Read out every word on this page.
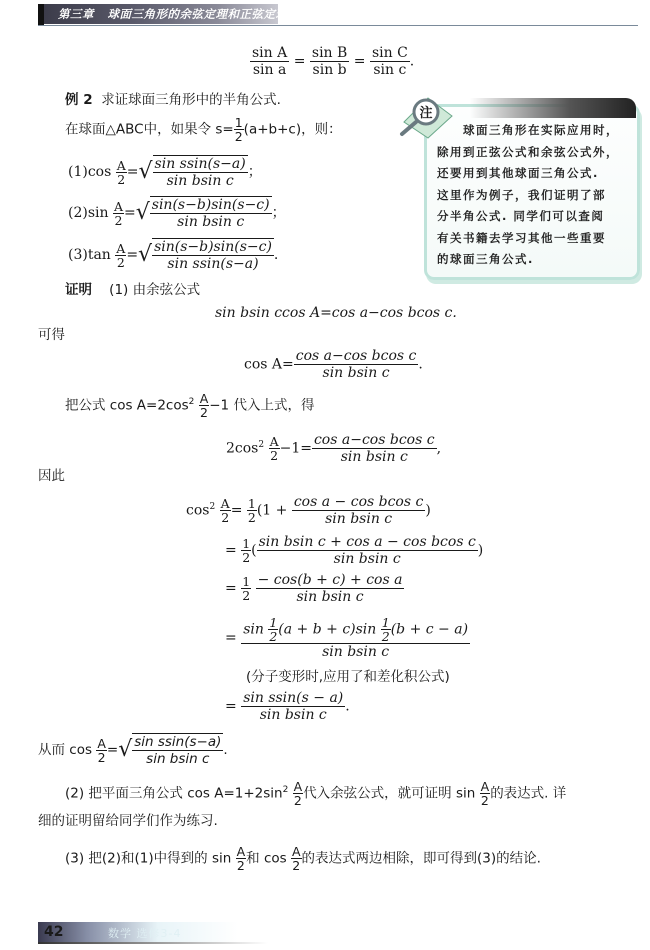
第三章 球面三角形的余弦定理和正弦定理
$\frac{\text{sin A}}{\text{sin a}} = \frac{\text{sin B}}{\text{sin b}} = \frac{\text{sin C}}{\text{sin c}}$ .
例 2 求证球面三角形中的半角公式.
在球面△ABC中，如果令 $s= \frac{1}{2} (a+b+c)$，则：
$(1)\cos \frac{A}{2}$ =√ $\frac{\text{sin ssin(s−a)}}{\text{sin bsin c}}$ ；
$(2)\sin \frac{A}{2}$ =√ $\frac{\sin(s-b)\sin(s-c)}{\text{sin bsin c}}$ ；
$(3)\tan \frac{A}{2}$ =√ $\frac{\sin(s-b)\sin(s-c)}{\text{sin ssin(s−a)}}$ .
注
球面三角形在实际应用时，
除用到正弦公式和余弦公式外，
还要用到其他球面三角公式.
这里作为例子，我们证明了部
分半角公式. 同学们可以查阅
有关书籍去学习其他一些重要
的球面三角公式.
证明 (1) 由余弦公式
sin bsin ccos A=cos a−cos bcos c.
可得
$\cos A= \frac{\text{cos a−cos bcos c}}{\text{sin bsin c}}$ .
把公式 $\cos A=2\cos^2 \frac{A}{2} -1$ 代入上式，得
$2\cos^2 \frac{A}{2} -1= \frac{\text{cos a−cos bcos c}}{\text{sin bsin c}}$ ,
因此
$\cos^2 \frac{A}{2} = \frac{1}{2} (1 + \frac{\text{cos a − cos bcos c}}{\text{sin bsin c}}$ )
= $\frac{1}{2}$ ( $\frac{\text{sin bsin c + cos a − cos bcos c}}{\text{sin bsin c}}$ )
= $\frac{1}{2}$
$\frac{\text{− cos(b + c) + cos a}}{\text{sin bsin c}}$
= $\frac{\sin \frac{1}{2} (a + b + c)\sin \frac{1}{2} (b + c - a)}{\text{sin bsin c}}$
(分子变形时,应用了和差化积公式)
= $\frac{\text{sin ssin(s − a)}}{\text{sin bsin c}}$ .
从而 $\cos \frac{A}{2}$ =√ $\frac{\text{sin ssin(s−a)}}{\text{sin bsin c}}$ .
(2) 把平面三角公式 $\cos A=1+2\sin^2 \frac{A}{2}$ 代入余弦公式，就可证明 $\sin \frac{A}{2}$ 的表达式. 详
细的证明留给同学们作为练习.
(3) 把(2)和(1)中得到的 $\sin \frac{A}{2}$ 和 $\cos \frac{A}{2}$ 的表达式两边相除，即可得到(3)的结论.
数学 选修3-4
42
